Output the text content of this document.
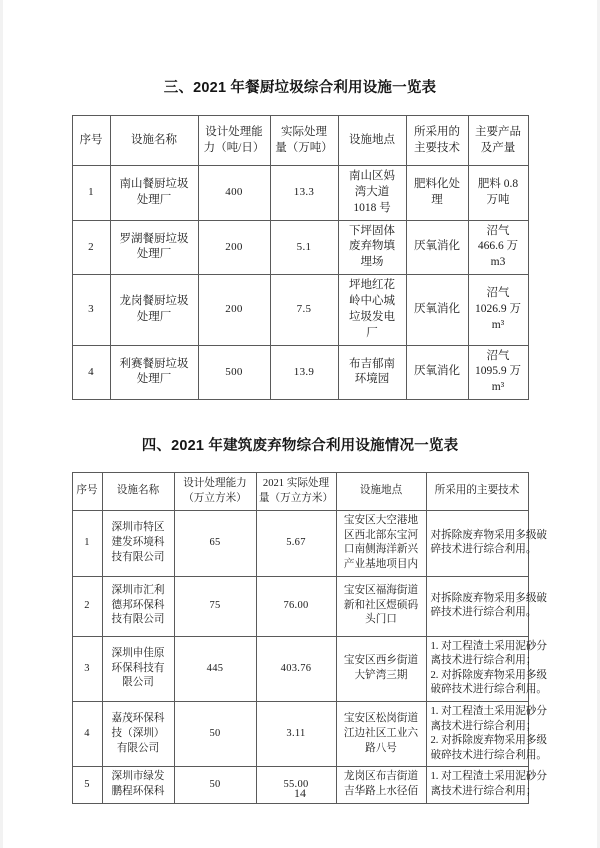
三、2021 年餐厨垃圾综合利用设施一览表
序号	设施名称	设计处理能
力（吨/日）	实际处理
量（万吨）	设施地点	所采用的
主要技术	主要产品
及产量

1	南山餐厨垃圾
处理厂	400	13.3	南山区妈
湾大道
1018 号	肥料化处
理	肥料 0.8
万吨

2	罗湖餐厨垃圾
处理厂	200	5.1	下坪固体
废弃物填
埋场	厌氧消化	沼气
466.6 万
m3

3	龙岗餐厨垃圾
处理厂	200	7.5	坪地红花
岭中心城
垃圾发电
厂	厌氧消化	沼气
1026.9 万
m³

4	利赛餐厨垃圾
处理厂	500	13.9	布吉郁南
环境园	厌氧消化	沼气
1095.9 万
m³
四、2021 年建筑废弃物综合利用设施情况一览表
序号	设施名称	设计处理能力
（万立方米）	2021 实际处理
量（万立方米）	设施地点	所采用的主要技术

1	深圳市特区
建发环境科
技有限公司	65	5.67	宝安区大空港地
区西北部东宝河
口南侧海洋新兴
产业基地项目内	对拆除废弃物采用多级破
碎技术进行综合利用。

2	深圳市汇利
德邦环保科
技有限公司	75	76.00	宝安区福海街道
新和社区煜硕码
头门口	对拆除废弃物采用多级破
碎技术进行综合利用。

3	深圳申佳原
环保科技有
限公司	445	403.76	宝安区西乡街道
大铲湾三期	1. 对工程渣土采用泥砂分
离技术进行综合利用；
2. 对拆除废弃物采用多级
破碎技术进行综合利用。

4	嘉茂环保科
技（深圳）
有限公司	50	3.11	宝安区松岗街道
江边社区工业六
路八号	1. 对工程渣土采用泥砂分
离技术进行综合利用；
2. 对拆除废弃物采用多级
破碎技术进行综合利用。

5	深圳市绿发
鹏程环保科	50	55.00	龙岗区布吉街道
吉华路上水径佰	1. 对工程渣土采用泥砂分
离技术进行综合利用；
14
